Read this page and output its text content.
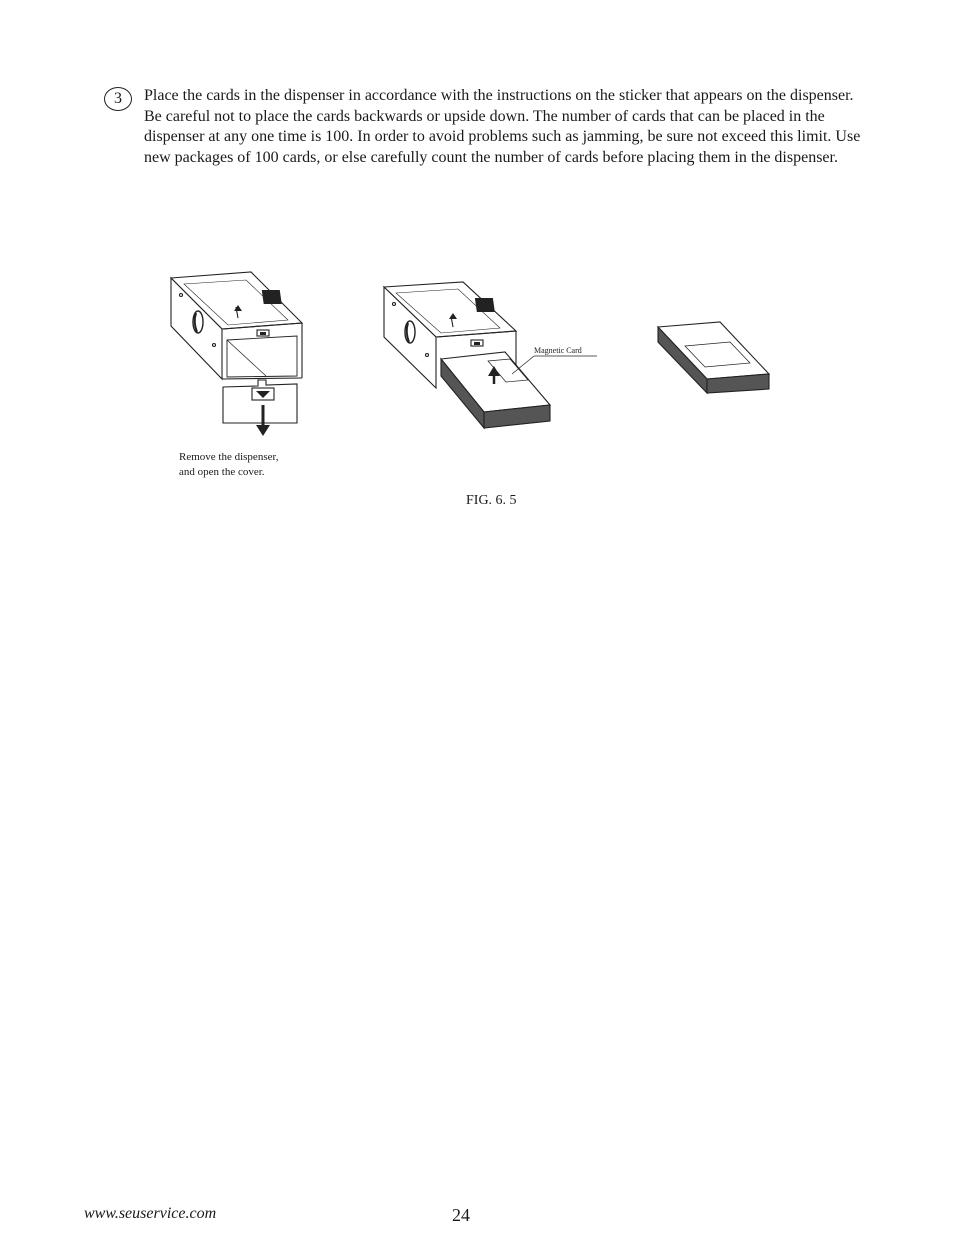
3	Place the cards in the dispenser in accordance with the instructions on the sticker that appears on the dispenser. Be careful not to place the cards backwards or upside down. The number of cards that can be placed in the dispenser at any one time is 100. In order to avoid problems such as jamming, be sure not exceed this limit. Use new packages of 100 cards, or else carefully count the number of cards before placing them in the dispenser.
Magnetic Card
Remove the dispenser,
and open the cover.
FIG. 6. 5
www.seuservice.com	24
